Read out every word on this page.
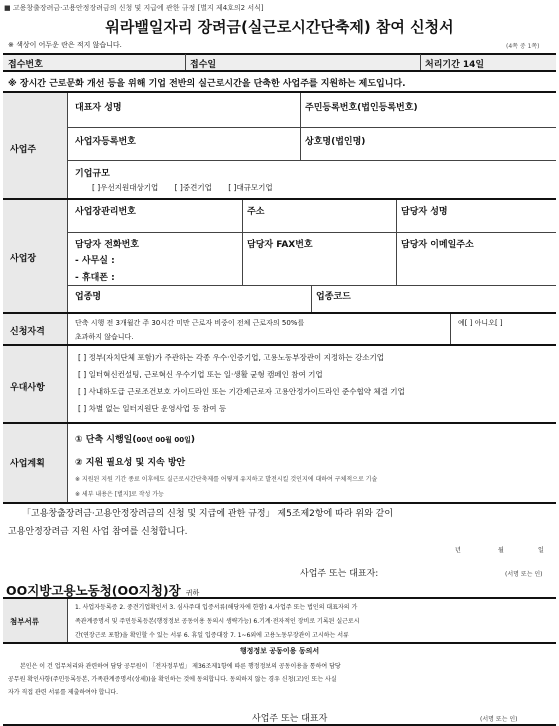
■ 고용창출장려금·고용안정장려금의 신청 및 지급에 관한 규정 [별지 제4호의2 서식]
워라밸일자리 장려금(실근로시간단축제) 참여 신청서
※ 색상이 어두운 란은 적지 않습니다.	(4쪽 중 1쪽)
접수번호	접수일	처리기간 14일
※ 장시간 근로문화 개선 등을 위해 기업 전반의 실근로시간을 단축한 사업주를 지원하는 제도입니다.
사업주
대표자 성명	주민등록번호(법인등록번호)
사업자등록번호	상호명(법인명)
기업규모
[ ]우선지원대상기업 [ ]중견기업 [ ]대규모기업
사업장
사업장관리번호	주소	담당자 성명
담당자 전화번호
- 사무실 :
- 휴대폰 :
담당자 FAX번호	담당자 이메일주소
업종명	업종코드
신청자격
단축 시행 전 3개월간 주 30시간 미만 근로자 비중이 전체 근로자의 50%를
초과하지 않습니다.
예[ ] 아니오[ ]
우대사항
[ ] 정부(자치단체 포함)가 주관하는 각종 우수·인증기업, 고용노동부장관이 지정하는 강소기업
[ ] 일터혁신컨설팅, 근로혁신 우수기업 또는 일·생활 균형 캠페인 참여 기업
[ ] 사내하도급 근로조건보호 가이드라인 또는 기간제근로자 고용안정가이드라인 준수협약 체결 기업
[ ] 차별 없는 일터지원단 운영사업 등 참여 등
사업계획
① 단축 시행일(00년 00월 00일)
② 지원 필요성 및 지속 방안
※ 지원된 지원 기간 종료 이후에도 실근로시간단축제를 어떻게 유지하고 발전시킬 것인지에 대하여 구체적으로 기술
※ 세부 내용은 [별지]로 작성 가능
「고용창출장려금·고용안정장려금의 신청 및 지급에 관한 규정」 제5조제2항에 따라 위와 같이
고용안정장려금 지원 사업 참여를 신청합니다.
년	월	일
사업주 또는 대표자:	(서명 또는 인)
OO지방고용노동청(OO지청)장 귀하
첨부서류
1. 사업자등록증 2. 중견기업확인서 3. 심사주대 입증서류(해당자에 한함) 4.사업주 또는 법인의 대표자의 가
족관계증명서 및 주민등록등본(행정정보 공동이용 동의시 생략가능) 6.기계·전자적인 장비로 기록된 실근로시
간(연장근로 포함)을 확인할 수 있는 서류 6. 휴일 입증대장 7. 1~6외에 고용노동부장관이 고시하는 서류
행정정보 공동이용 동의서
본인은 이 건 업무처리와 관련하여 담당 공무원이 「전자정부법」 제36조제1항에 따른 행정정보의 공동이용을 통하여 담당
공무원 확인사항(주민등록등본, 가족관계증명서(상세))을 확인하는 것에 동의합니다. 동의하지 않는 경우 신청(고)인 또는 사실
자가 직접 관련 서류를 제출하여야 합니다.
사업주 또는 대표자	(서명 또는 인)
